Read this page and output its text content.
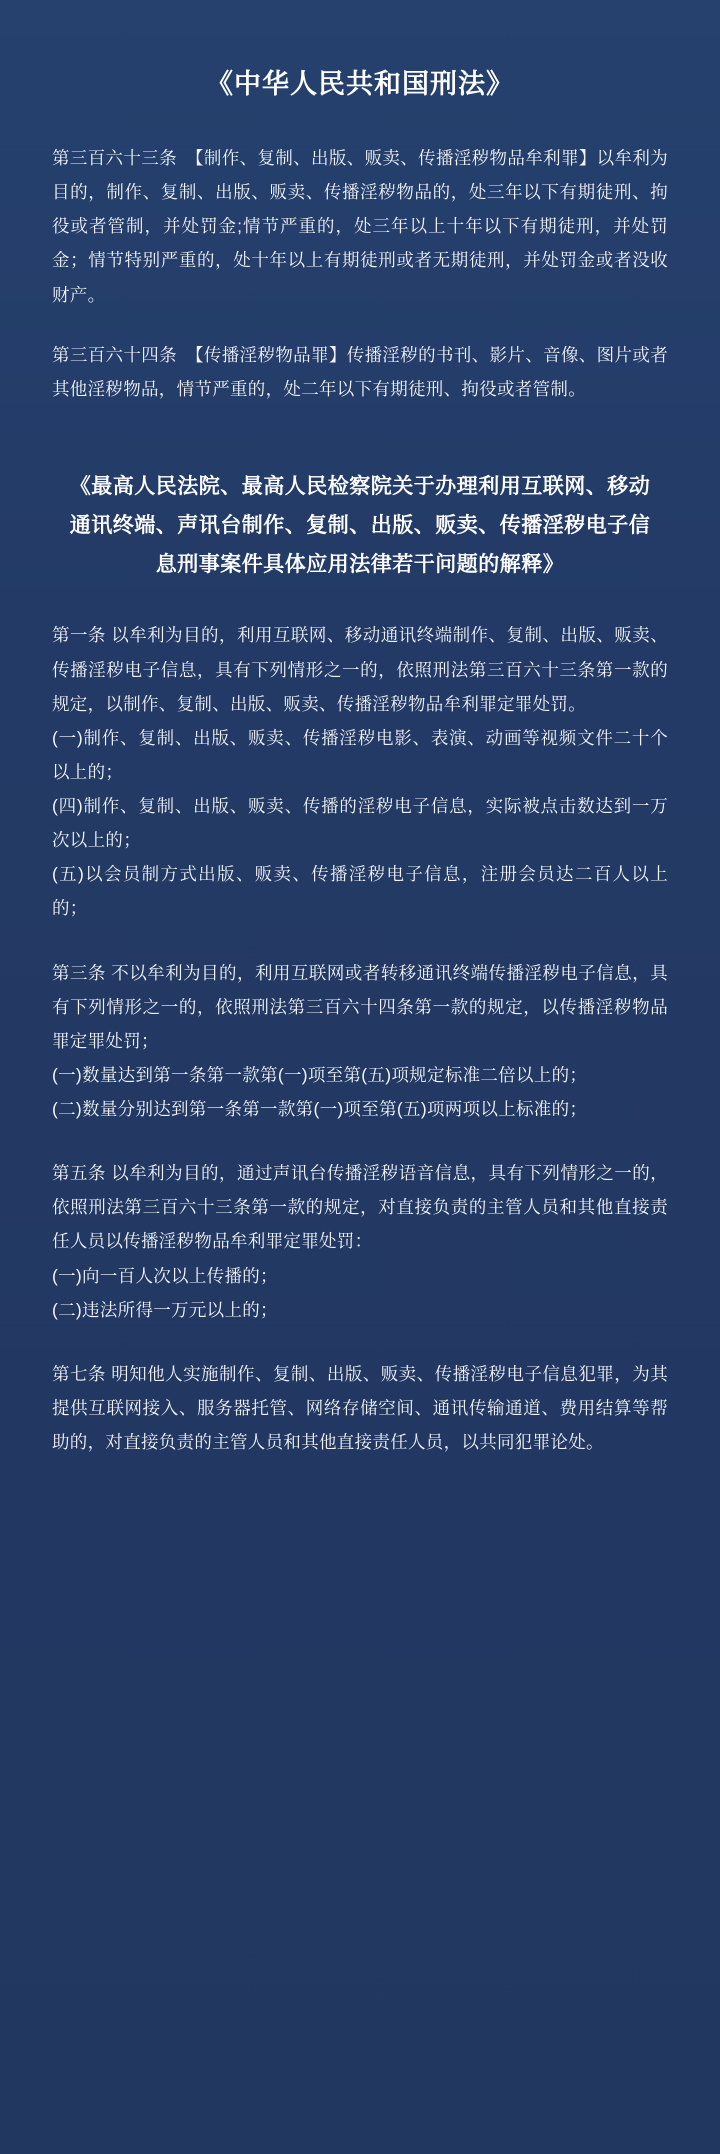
《中华人民共和国刑法》

第三百六十三条　【制作、复制、出版、贩卖、传播淫秽物品牟利罪】以牟利为目的，制作、复制、出版、贩卖、传播淫秽物品的，处三年以下有期徒刑、拘役或者管制，并处罚金;情节严重的，处三年以上十年以下有期徒刑，并处罚金；情节特别严重的，处十年以上有期徒刑或者无期徒刑，并处罚金或者没收财产。

第三百六十四条　【传播淫秽物品罪】传播淫秽的书刊、影片、音像、图片或者其他淫秽物品，情节严重的，处二年以下有期徒刑、拘役或者管制。

《最高人民法院、最高人民检察院关于办理利用互联网、移动通讯终端、声讯台制作、复制、出版、贩卖、传播淫秽电子信息刑事案件具体应用法律若干问题的解释》

第一条 以牟利为目的，利用互联网、移动通讯终端制作、复制、出版、贩卖、传播淫秽电子信息，具有下列情形之一的，依照刑法第三百六十三条第一款的规定，以制作、复制、出版、贩卖、传播淫秽物品牟利罪定罪处罚。

(一)制作、复制、出版、贩卖、传播淫秽电影、表演、动画等视频文件二十个以上的；

(四)制作、复制、出版、贩卖、传播的淫秽电子信息，实际被点击数达到一万次以上的；

(五)以会员制方式出版、贩卖、传播淫秽电子信息，注册会员达二百人以上的；

第三条 不以牟利为目的，利用互联网或者转移通讯终端传播淫秽电子信息，具有下列情形之一的，依照刑法第三百六十四条第一款的规定，以传播淫秽物品罪定罪处罚；

(一)数量达到第一条第一款第(一)项至第(五)项规定标准二倍以上的；

(二)数量分别达到第一条第一款第(一)项至第(五)项两项以上标准的；

第五条 以牟利为目的，通过声讯台传播淫秽语音信息，具有下列情形之一的，依照刑法第三百六十三条第一款的规定，对直接负责的主管人员和其他直接责任人员以传播淫秽物品牟利罪定罪处罚：

(一)向一百人次以上传播的；

(二)违法所得一万元以上的；

第七条 明知他人实施制作、复制、出版、贩卖、传播淫秽电子信息犯罪，为其提供互联网接入、服务器托管、网络存储空间、通讯传输通道、费用结算等帮助的，对直接负责的主管人员和其他直接责任人员，以共同犯罪论处。
